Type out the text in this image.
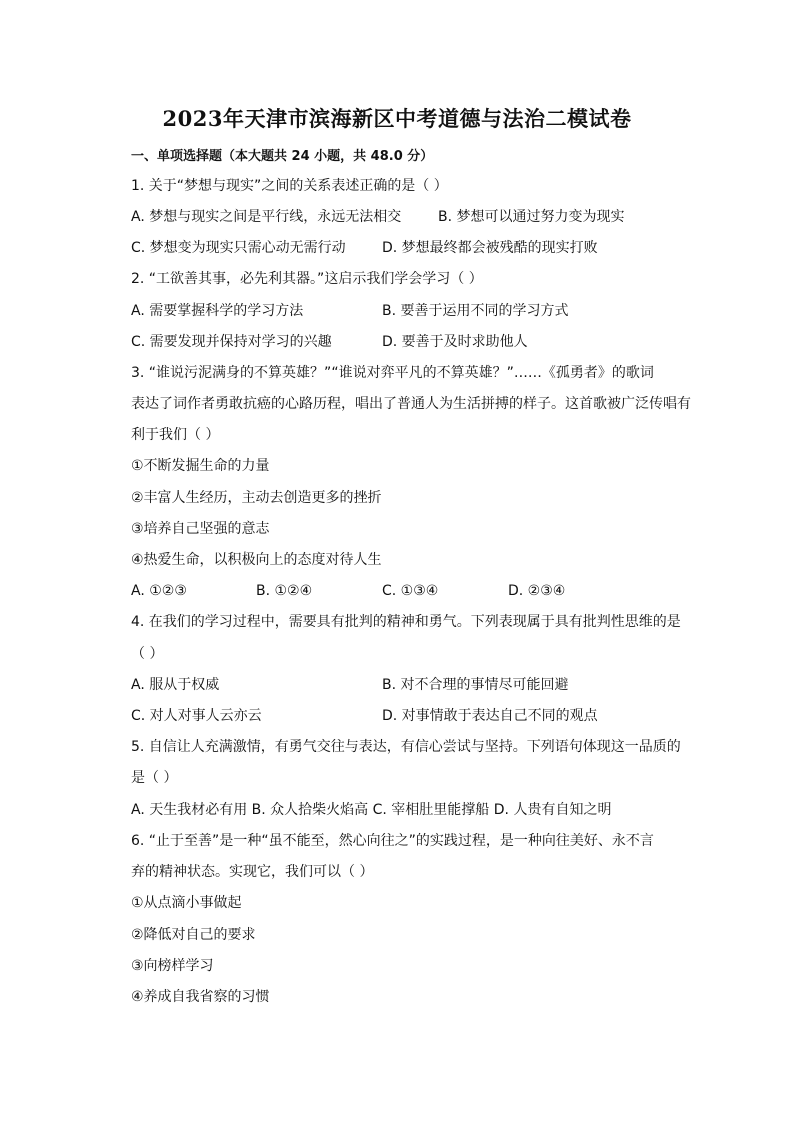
2023年天津市滨海新区中考道德与法治二模试卷
一、单项选择题（本大题共 24 小题，共 48.0 分）
1. 关于“梦想与现实”之间的关系表述正确的是（ ）
A. 梦想与现实之间是平行线，永远无法相交	B. 梦想可以通过努力变为现实
C. 梦想变为现实只需心动无需行动	D. 梦想最终都会被残酷的现实打败
2. “工欲善其事，必先利其器。”这启示我们学会学习（ ）
A. 需要掌握科学的学习方法	B. 要善于运用不同的学习方式
C. 需要发现并保持对学习的兴趣	D. 要善于及时求助他人
3. “谁说污泥满身的不算英雄？”“谁说对弈平凡的不算英雄？”……《孤勇者》的歌词
表达了词作者勇敢抗癌的心路历程，唱出了普通人为生活拼搏的样子。这首歌被广泛传唱有
利于我们（ ）
①不断发掘生命的力量
②丰富人生经历，主动去创造更多的挫折
③培养自己坚强的意志
④热爱生命，以积极向上的态度对待人生
A. ①②③	B. ①②④	C. ①③④	D. ②③④
4. 在我们的学习过程中，需要具有批判的精神和勇气。下列表现属于具有批判性思维的是
（ ）
A. 服从于权威	B. 对不合理的事情尽可能回避
C. 对人对事人云亦云	D. 对事情敢于表达自己不同的观点
5. 自信让人充满激情，有勇气交往与表达，有信心尝试与坚持。下列语句体现这一品质的
是（ ）
A. 天生我材必有用 B. 众人拾柴火焰高 C. 宰相肚里能撑船 D. 人贵有自知之明
6. “止于至善”是一种“虽不能至，然心向往之”的实践过程，是一种向往美好、永不言
弃的精神状态。实现它，我们可以（ ）
①从点滴小事做起
②降低对自己的要求
③向榜样学习
④养成自我省察的习惯
